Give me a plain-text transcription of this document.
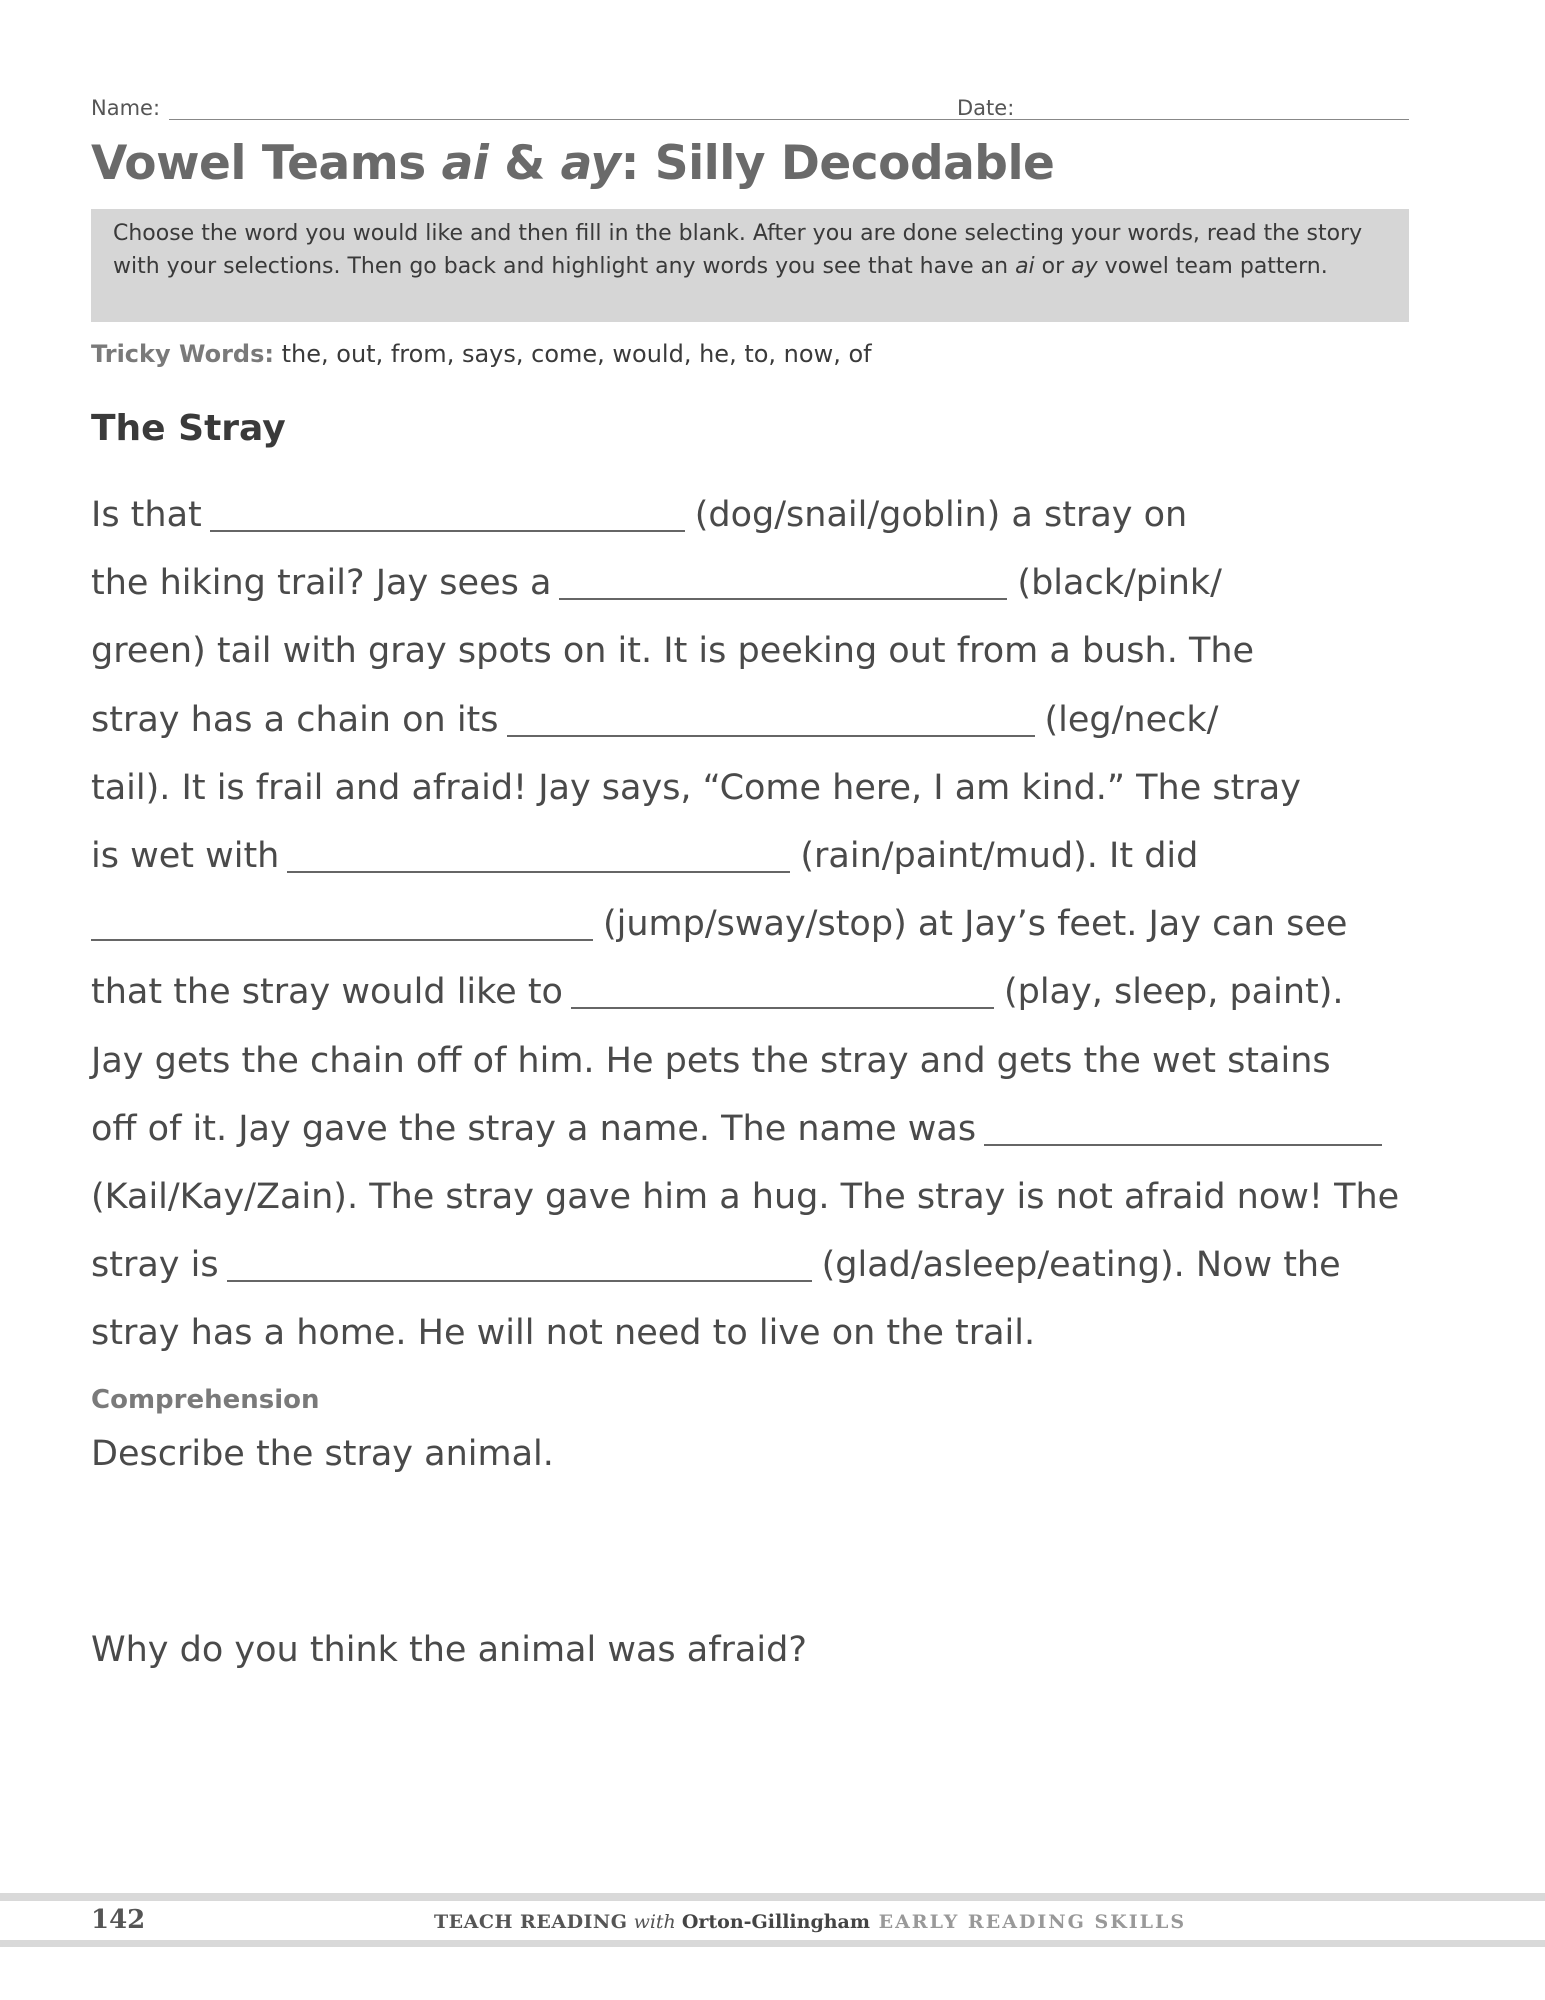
Name:	Date:
Vowel Teams ai & ay: Silly Decodable
Choose the word you would like and then fill in the blank. After you are done selecting your words, read the story with your selections. Then go back and highlight any words you see that have an ai or ay vowel team pattern.
Tricky Words: the, out, from, says, come, would, he, to, now, of
The Stray
Is that	(dog/snail/goblin) a stray on
the hiking trail? Jay sees a	(black/pink/
green) tail with gray spots on it. It is peeking out from a bush. The
stray has a chain on its	(leg/neck/
tail). It is frail and afraid! Jay says, “Come here, I am kind.” The stray
is wet with	(rain/paint/mud). It did
(jump/sway/stop) at Jay’s feet. Jay can see
that the stray would like to	(play, sleep, paint).
Jay gets the chain off of him. He pets the stray and gets the wet stains
off of it. Jay gave the stray a name. The name was
(Kail/Kay/Zain). The stray gave him a hug. The stray is not afraid now! The
stray is	(glad/asleep/eating). Now the
stray has a home. He will not need to live on the trail.
Comprehension
Describe the stray animal.
Why do you think the animal was afraid?
142	TEACH READING with Orton-Gillingham EARLY READING SKILLS
